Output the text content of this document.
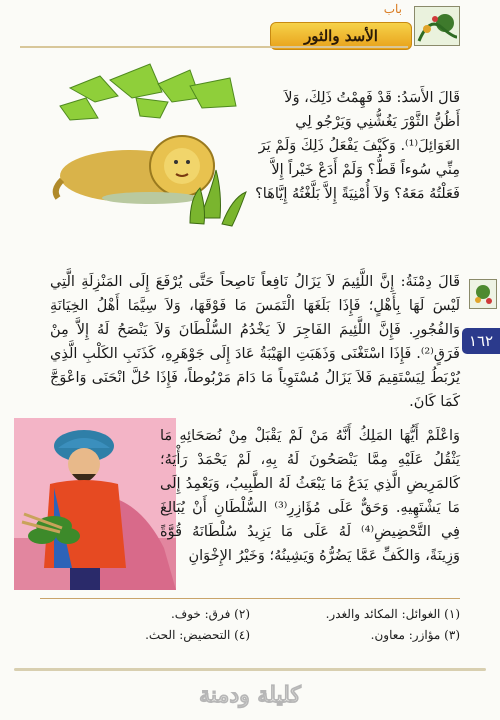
باب
الأسد والثور
قَالَ الأَسَدُ: قَدْ فَهِمْتُ ذَلِكَ، وَلاَ أَظُنُّ الثَّوْرَ يَغُشُّنِي وَيَرْجُو لِي الغَوَائِلَ⁽¹⁾. وَكَيْفَ يَفْعَلُ ذَلِكَ وَلَمْ يَرَ مِنِّي سُوءاً قَطُّ؟ وَلَمْ أَدَعْ خَيْراً إِلاَّ فَعَلْتُهُ مَعَهُ؟ وَلاَ أُمْنِيَةً إِلاَّ بَلَّغْتُهُ إِيَّاهَا؟
١٦٢
قَالَ دِمْنَةُ: إِنَّ اللَّئِيمَ لاَ يَزَالُ نَافِعاً نَاصِحاً حَتَّى يُرْفَعَ إِلَى المَنْزِلَةِ الَّتِي لَيْسَ لَهَا بِأَهْلٍ؛ فَإِذَا بَلَغَهَا الْتَمَسَ مَا فَوْقَهَا، وَلاَ سِيَّمَا أَهْلُ الخِيَانَةِ وَالفُجُورِ. فَإِنَّ اللَّئِيمَ الفَاجِرَ لاَ يَخْدُمُ السُّلْطَانَ وَلاَ يَنْصَحُ لَهُ إِلاَّ مِنْ فَرَقٍ⁽²⁾. فَإِذَا اسْتَغْنَى وَذَهَبَتِ الهَيْبَةُ عَادَ إِلَى جَوْهَرِهِ، كَذَنَبِ الكَلْبِ الَّذِي يُرْبَطُ لِيَسْتَقِيمَ فَلاَ يَزَالُ مُسْتَوِياً مَا دَامَ مَرْبُوطاً، فَإِذَا حُلَّ انْحَنَى وَاعْوَجَّ كَمَا كَانَ.
وَاعْلَمْ أَيُّهَا المَلِكُ أَنَّهُ مَنْ لَمْ يَقْبَلْ مِنْ نُصَحَائِهِ مَا يَثْقُلُ عَلَيْهِ مِمَّا يَنْصَحُونَ لَهُ بِهِ، لَمْ يَحْمَدْ رَأْيَهُ؛ كَالمَرِيضِ الَّذِي يَدَعُ مَا يَبْعَثُ لَهُ الطَّبِيبُ، وَيَعْمِدُ إِلَى مَا يَشْتَهِيهِ. وَحَقٌّ عَلَى مُؤَازِرِ⁽³⁾ السُّلْطَانِ أَنْ يُبَالِغَ فِي التَّحْضِيضِ⁽⁴⁾ لَهُ عَلَى مَا يَزِيدُ سُلْطَانَهُ قُوَّةً وَزِينَةً، وَالكَفِّ عَمَّا يَضُرُّهُ وَيَشِينُهُ؛ وَخَيْرُ الإِخْوَانِ
(١) الغوائل: المكائد والغدر.
(٢) فرق: خوف.
(٣) مؤازر: معاون.
(٤) التحضيض: الحث.
كليلة ودمنة
